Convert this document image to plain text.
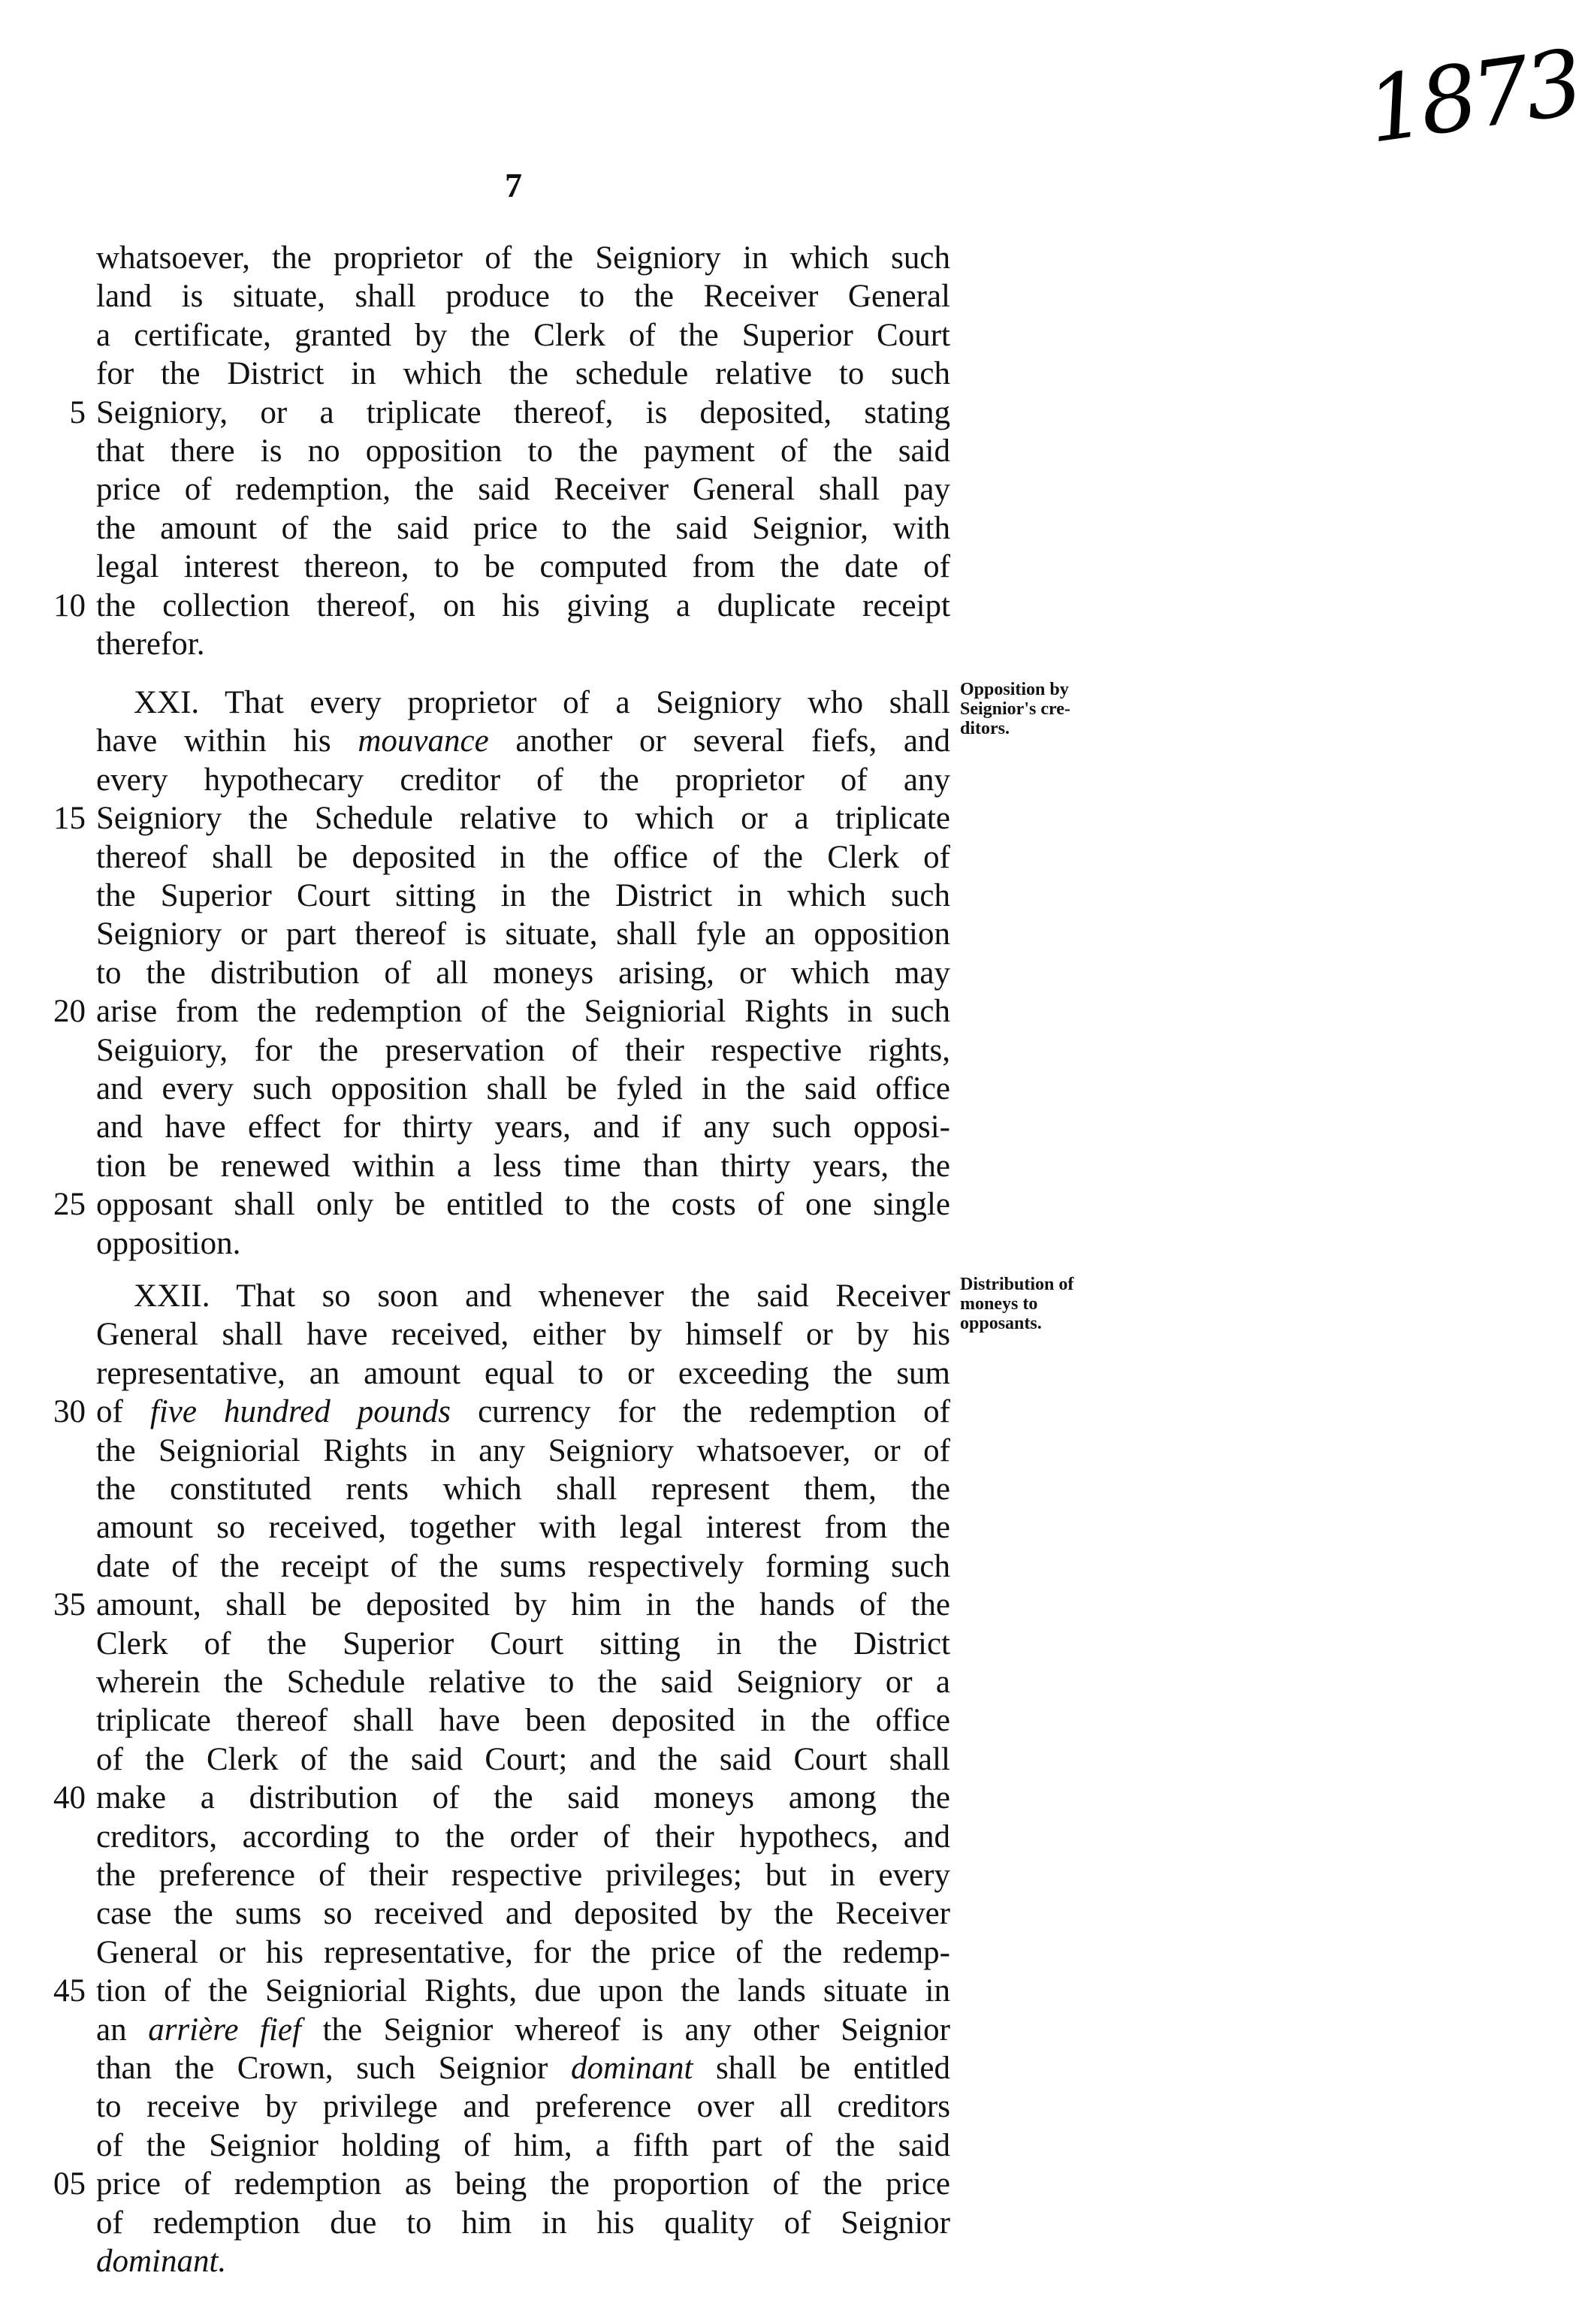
7
1873
whatsoever, the proprietor of the Seigniory in which such
land is situate, shall produce to the Receiver General
a certificate, granted by the Clerk of the Superior Court
for the District in which the schedule relative to such
5 Seigniory, or a triplicate thereof, is deposited, stating
that there is no opposition to the payment of the said
price of redemption, the said Receiver General shall pay
the amount of the said price to the said Seignior, with
legal interest thereon, to be computed from the date of
10 the collection thereof, on his giving a duplicate receipt
therefor.
XXI. That every proprietor of a Seigniory who shall
have within his mouvance another or several fiefs, and
every hypothecary creditor of the proprietor of any
15 Seigniory the Schedule relative to which or a triplicate
thereof shall be deposited in the office of the Clerk of
the Superior Court sitting in the District in which such
Seigniory or part thereof is situate, shall fyle an opposition
to the distribution of all moneys arising, or which may
20 arise from the redemption of the Seigniorial Rights in such
Seiguiory, for the preservation of their respective rights,
and every such opposition shall be fyled in the said office
and have effect for thirty years, and if any such opposi-
tion be renewed within a less time than thirty years, the
25 opposant shall only be entitled to the costs of one single
opposition.
XXII. That so soon and whenever the said Receiver
General shall have received, either by himself or by his
representative, an amount equal to or exceeding the sum
30 of five hundred pounds currency for the redemption of
the Seigniorial Rights in any Seigniory whatsoever, or of
the constituted rents which shall represent them, the
amount so received, together with legal interest from the
date of the receipt of the sums respectively forming such
35 amount, shall be deposited by him in the hands of the
Clerk of the Superior Court sitting in the District
wherein the Schedule relative to the said Seigniory or a
triplicate thereof shall have been deposited in the office
of the Clerk of the said Court; and the said Court shall
40 make a distribution of the said moneys among the
creditors, according to the order of their hypothecs, and
the preference of their respective privileges; but in every
case the sums so received and deposited by the Receiver
General or his representative, for the price of the redemp-
45 tion of the Seigniorial Rights, due upon the lands situate in
an arrière fief the Seignior whereof is any other Seignior
than the Crown, such Seignior dominant shall be entitled
to receive by privilege and preference over all creditors
of the Seignior holding of him, a fifth part of the said
05 price of redemption as being the proportion of the price
of redemption due to him in his quality of Seignior
dominant.
Opposition by
Seignior's cre-
ditors.
Distribution of
moneys to
opposants.
